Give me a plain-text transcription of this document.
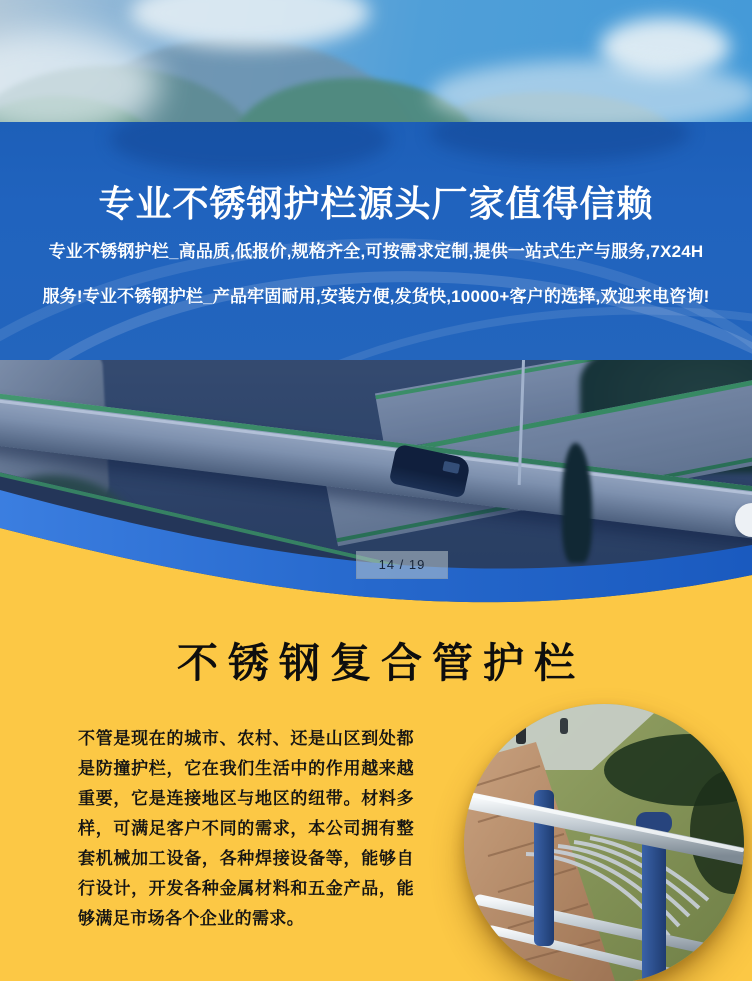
专业不锈钢护栏源头厂家值得信赖
专业不锈钢护栏_高品质,低报价,规格齐全,可按需求定制,提供一站式生产与服务,7X24H
服务!专业不锈钢护栏_产品牢固耐用,安装方便,发货快,10000+客户的选择,欢迎来电咨询!
14 / 19
不锈钢复合管护栏

不管是现在的城市、农村、还是山区到处都是防撞护栏，它在我们生活中的作用越来越重要，它是连接地区与地区的纽带。材料多样，可满足客户不同的需求，本公司拥有整套机械加工设备，各种焊接设备等，能够自行设计，开发各种金属材料和五金产品，能够满足市场各个企业的需求。
